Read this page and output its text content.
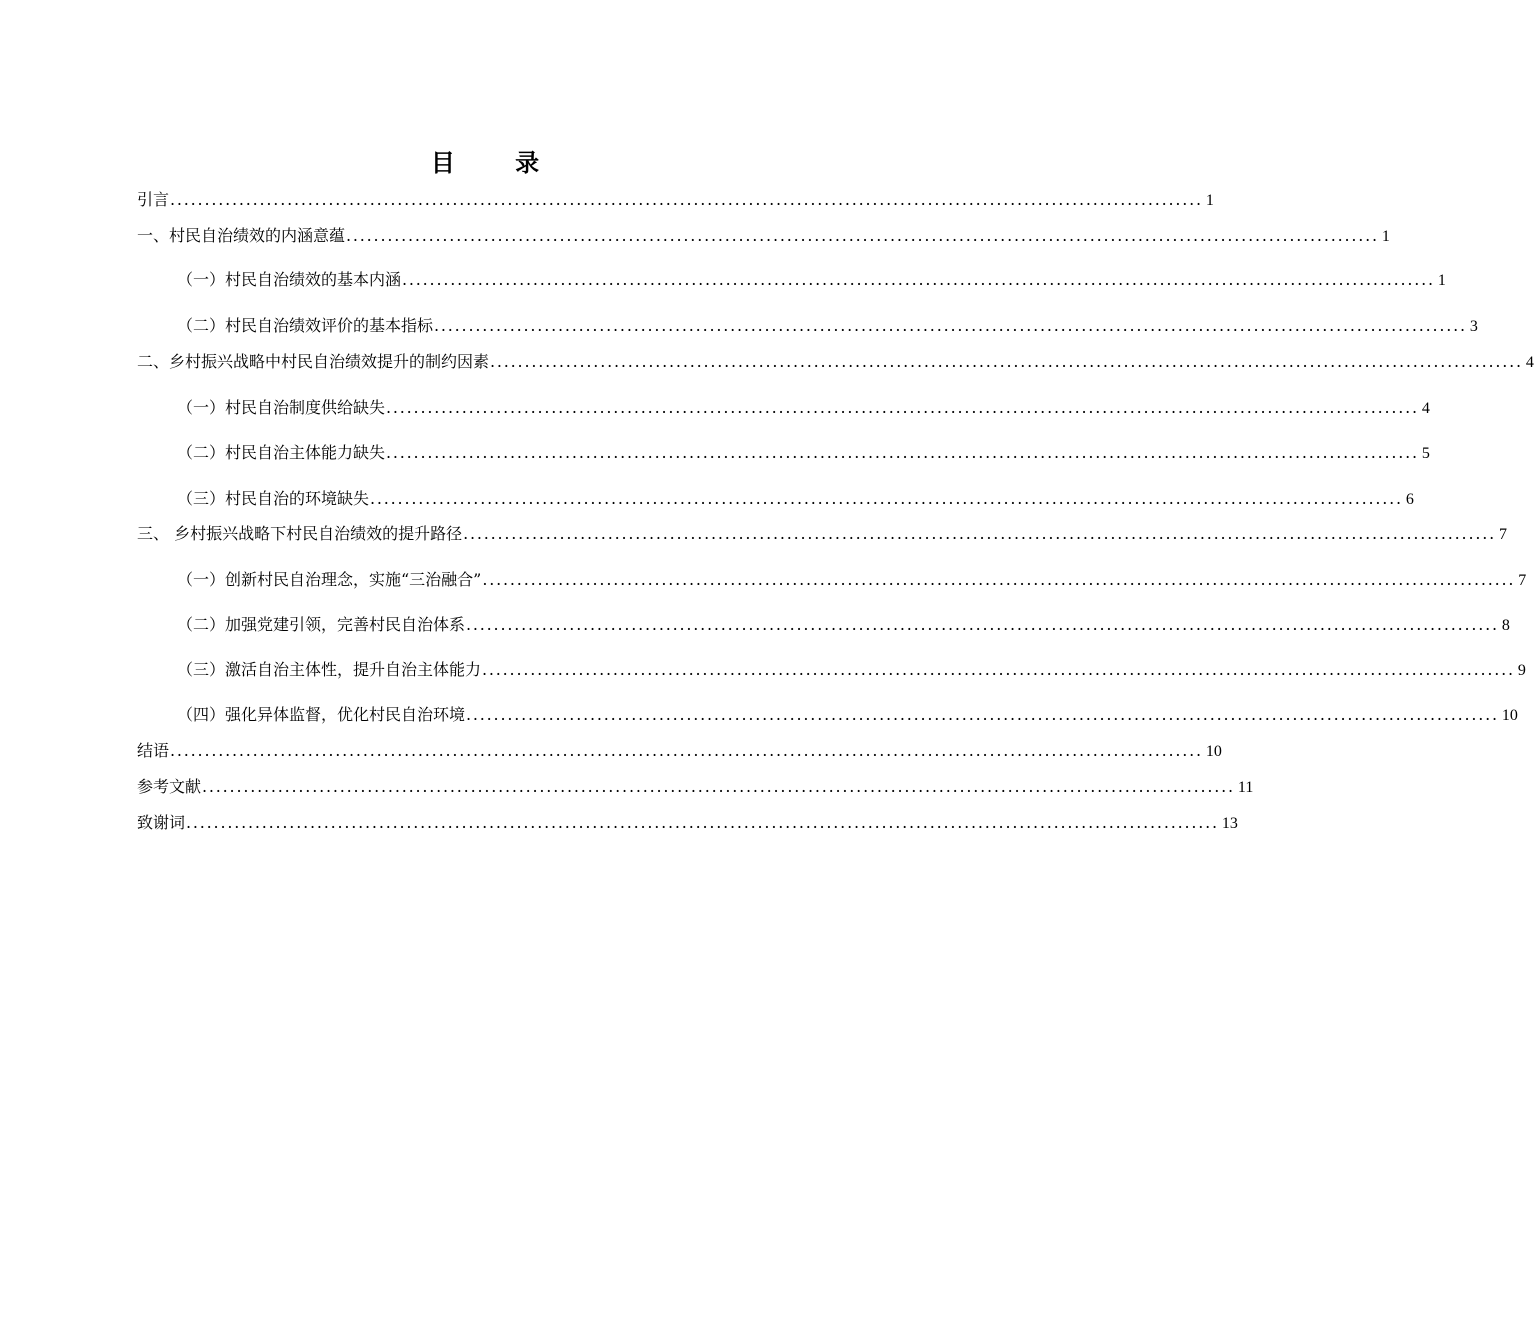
目 录
引言 ...................................................................................................................................................... 1
一、村民自治绩效的内涵意蕴 ...................................................................................................................................................... 1
（一）村民自治绩效的基本内涵 ...................................................................................................................................................... 1
（二）村民自治绩效评价的基本指标 ...................................................................................................................................................... 3
二、乡村振兴战略中村民自治绩效提升的制约因素 ...................................................................................................................................................... 4
（一）村民自治制度供给缺失 ...................................................................................................................................................... 4
（二）村民自治主体能力缺失 ...................................................................................................................................................... 5
（三）村民自治的环境缺失 ...................................................................................................................................................... 6
三、 乡村振兴战略下村民自治绩效的提升路径 ...................................................................................................................................................... 7
（一）创新村民自治理念，实施“三治融合” ...................................................................................................................................................... 7
（二）加强党建引领，完善村民自治体系 ...................................................................................................................................................... 8
（三）激活自治主体性，提升自治主体能力 ...................................................................................................................................................... 9
（四）强化异体监督，优化村民自治环境 ...................................................................................................................................................... 10
结语 ...................................................................................................................................................... 10
参考文献 ...................................................................................................................................................... 11
致谢词 ...................................................................................................................................................... 13
